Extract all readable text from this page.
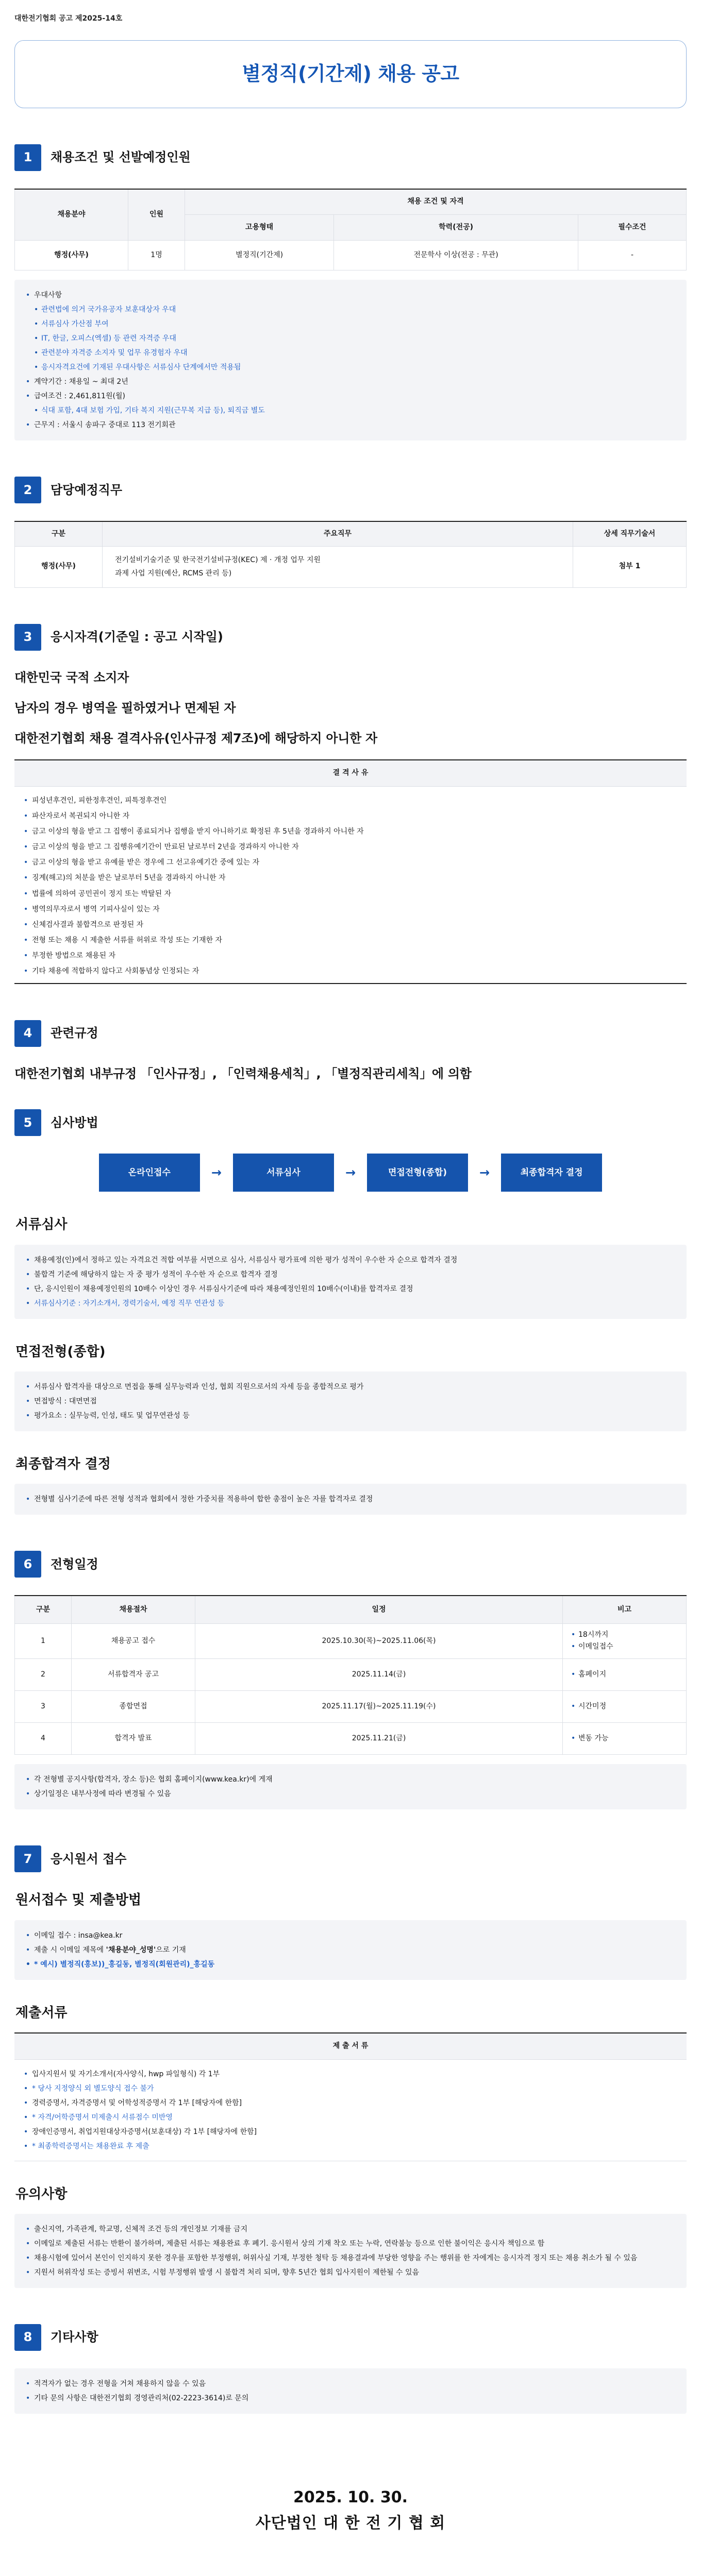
대한전기협회 공고 제2025-14호
별정직(기간제) 채용 공고
1	채용조건 및 선발예정인원
채용분야	인원	채용 조건 및 자격		
		고용형태	학력(전공)	필수조건
행정(사무)	1명	별정직(기간제)	전문학사 이상(전공 : 무관)	-
• 우대사항
• 관련법에 의거 국가유공자 보훈대상자 우대
• 서류심사 가산점 부여
• IT, 한글, 오피스(엑셀) 등 관련 자격증 우대
• 관련분야 자격증 소지자 및 업무 유경험자 우대
• 응시자격요건에 기재된 우대사항은 서류심사 단계에서만 적용됨
• 계약기간 : 채용일 ~ 최대 2년
• 급여조건 : 2,461,811원(월)
• 식대 포함, 4대 보험 가입, 기타 복지 지원(근무복 지급 등), 퇴직금 별도
• 근무지 : 서울시 송파구 중대로 113 전기회관
2	담당예정직무
구분	주요직무	상세 직무기술서
행정(사무)	전기설비기술기준 및 한국전기설비규정(KEC) 제 · 개정 업무 지원
과제 사업 지원(예산, RCMS 관리 등)	첨부 1
3	응시자격(기준일 : 공고 시작일)
대한민국 국적 소지자
남자의 경우 병역을 필하였거나 면제된 자
대한전기협회 채용 결격사유(인사규정 제7조)에 해당하지 아니한 자
결 격 사 유
• 피성년후견인, 피한정후견인, 피특정후견인
• 파산자로서 복권되지 아니한 자
• 금고 이상의 형을 받고 그 집행이 종료되거나 집행을 받지 아니하기로 확정된 후 5년을 경과하지 아니한 자
• 금고 이상의 형을 받고 그 집행유예기간이 만료된 날로부터 2년을 경과하지 아니한 자
• 금고 이상의 형을 받고 유예를 받은 경우에 그 선고유예기간 중에 있는 자
• 징계(해고)의 처분을 받은 날로부터 5년을 경과하지 아니한 자
• 법률에 의하여 공민권이 정지 또는 박탈된 자
• 병역의무자로서 병역 기피사실이 있는 자
• 신체검사결과 불합격으로 판정된 자
• 전형 또는 채용 시 제출한 서류를 허위로 작성 또는 기재한 자
• 부정한 방법으로 채용된 자
• 기타 채용에 적합하지 않다고 사회통념상 인정되는 자
4	관련규정
대한전기협회 내부규정 「인사규정」, 「인력채용세칙」, 「별정직관리세칙」에 의함
5	심사방법
온라인접수	→	서류심사	→	면접전형(종합)	→	최종합격자 결정
서류심사
• 채용예정(인)에서 정하고 있는 자격요건 적합 여부를 서면으로 심사, 서류심사 평가표에 의한 평가 성적이 우수한 자 순으로 합격자 결정
• 불합격 기준에 해당하지 않는 자 중 평가 성적이 우수한 자 순으로 합격자 결정
• 단, 응시인원이 채용예정인원의 10배수 이상인 경우 서류심사기준에 따라 채용예정인원의 10배수(이내)를 합격자로 결정
• 서류심사기준 : 자기소개서, 경력기술서, 예정 직무 연관성 등
면접전형(종합)
• 서류심사 합격자를 대상으로 면접을 통해 실무능력과 인성, 협회 직원으로서의 자세 등을 종합적으로 평가
• 면접방식 : 대면면접
• 평가요소 : 실무능력, 인성, 태도 및 업무연관성 등
최종합격자 결정
• 전형별 심사기준에 따른 전형 성적과 협회에서 정한 가중치를 적용하여 합한 총점이 높은 자를 합격자로 결정
6	전형일정
구분	채용절차	일정	비고
1	채용공고 접수	2025.10.30(목)~2025.11.06(목)	• 18시까지
• 이메일접수

2	서류합격자 공고	2025.11.14(금)	• 홈페이지

3	종합면접	2025.11.17(월)~2025.11.19(수)	• 시간미정

4	합격자 발표	2025.11.21(금)	• 변동 가능
• 각 전형별 공지사항(합격자, 장소 등)은 협회 홈페이지(www.kea.kr)에 게재
• 상기일정은 내부사정에 따라 변경될 수 있음
7	응시원서 접수
원서접수 및 제출방법
• 이메일 접수 : insa@kea.kr
• 제출 시 이메일 제목에 '채용분야_성명'으로 기재
• * 예시) 별정직(홍보))_홍길동, 별정직(회원관리)_홍길동
제출서류
제 출 서 류
• 입사지원서 및 자기소개서(자사양식, hwp 파일형식) 각 1부
• * 당사 지정양식 외 별도양식 접수 불가
• 경력증명서, 자격증명서 및 어학성적증명서 각 1부 [해당자에 한함]
• * 자격/어학증명서 미제출시 서류점수 미반영
• 장애인증명서, 취업지원대상자증명서(보훈대상) 각 1부 [해당자에 한함]
• * 최종학력증명서는 채용완료 후 제출
유의사항
• 출신지역, 가족관계, 학교명, 신체적 조건 등의 개인정보 기재를 금지
• 이메일로 제출된 서류는 반환이 불가하며, 제출된 서류는 채용완료 후 폐기. 응시원서 상의 기재 착오 또는 누락, 연락불능 등으로 인한 불이익은 응시자 책임으로 함
• 채용시험에 있어서 본인이 인지하지 못한 경우를 포함한 부정행위, 허위사실 기재, 부정한 청탁 등 채용결과에 부당한 영향을 주는 행위를 한 자에게는 응시자격 정지 또는 채용 취소가 될 수 있음
• 지원서 허위작성 또는 증빙서 위변조, 시험 부정행위 발생 시 불합격 처리 되며, 향후 5년간 협회 입사지원이 제한될 수 있음
8	기타사항
• 적격자가 없는 경우 전형을 거쳐 채용하지 않을 수 있음
• 기타 문의 사항은 대한전기협회 경영관리처(02-2223-3614)로 문의
2025. 10. 30.
사단법인 대 한 전 기 협 회
